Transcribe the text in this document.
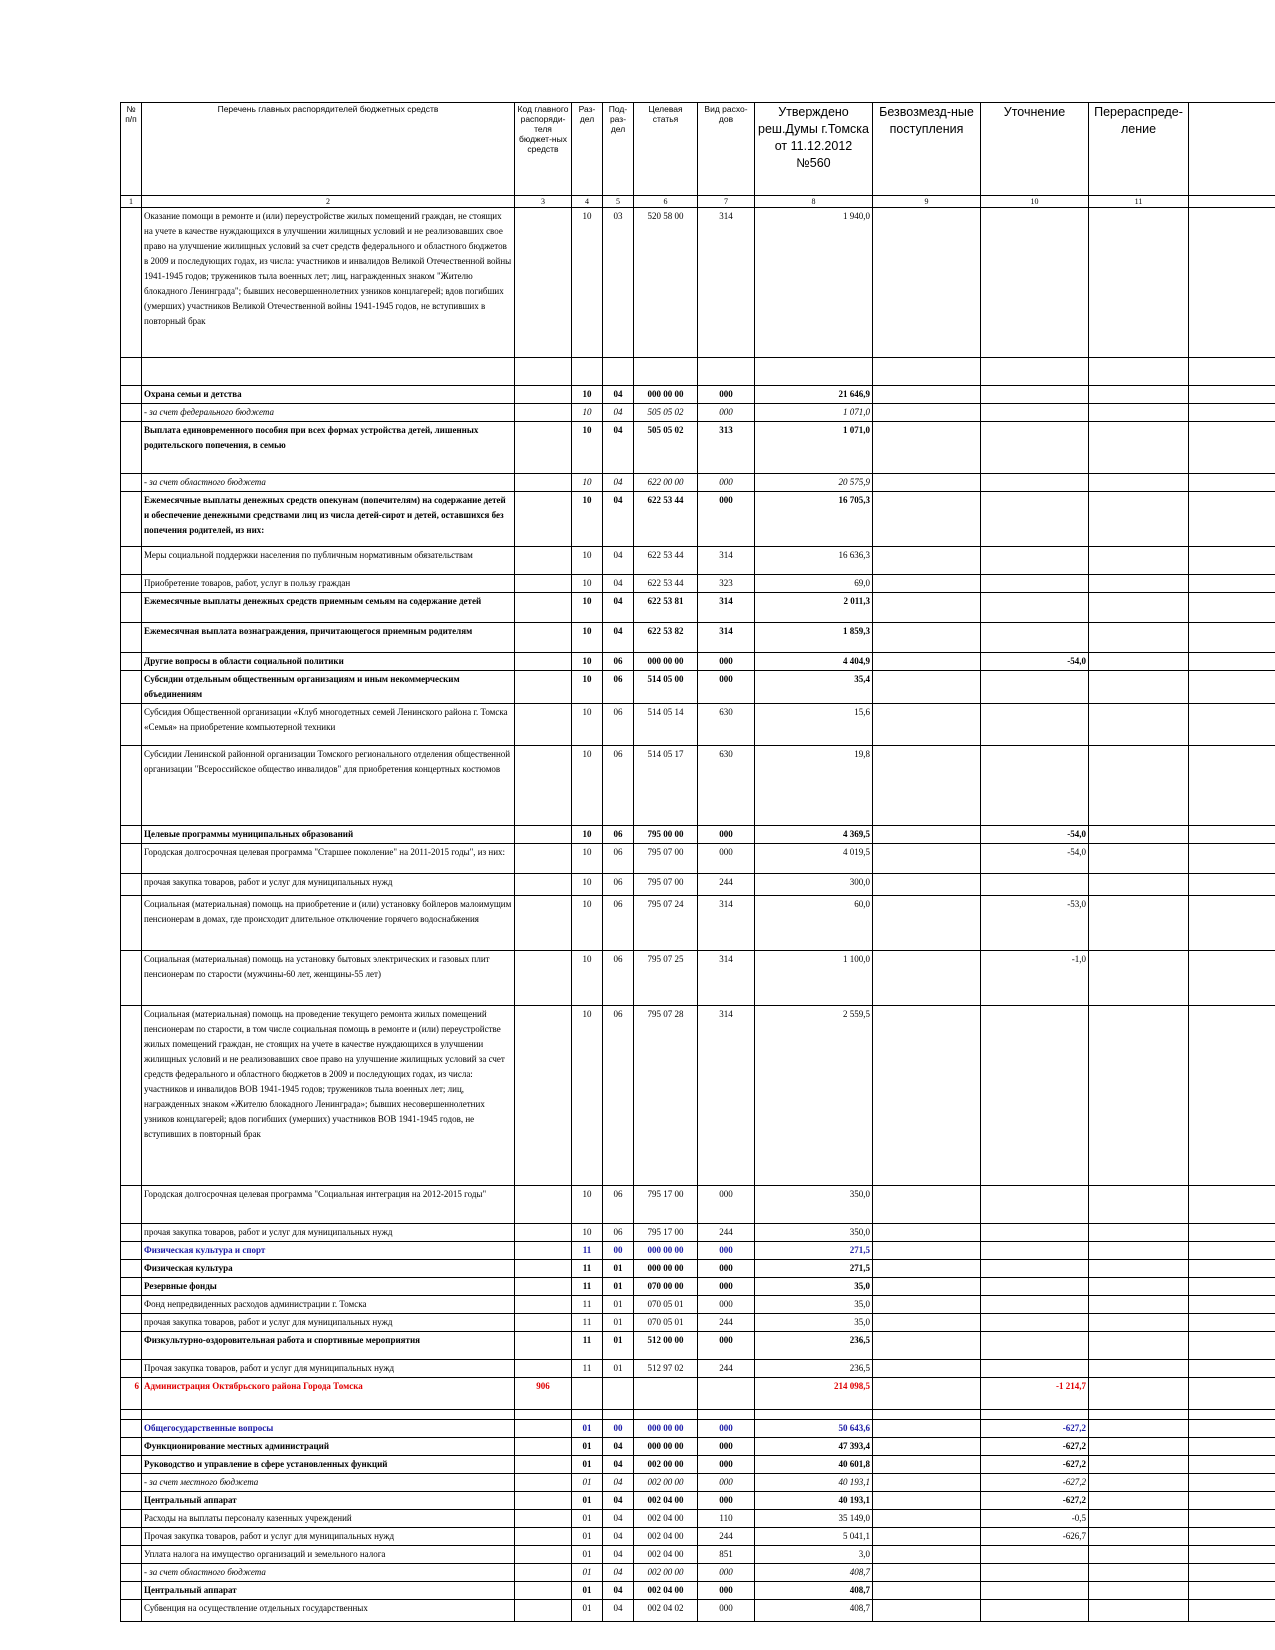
№ п/п	Перечень главных распорядителей бюджетных средств	Код главного распоряди-теля бюджет-ных средств	Раз-дел	Под-раз-дел	Целевая статья	Вид расхо-дов	Утверждено реш.Думы г.Томска от 11.12.2012 №560	Безвозмезд-ные поступления	Уточнение	Перераспреде-ление	
1	2	3	4	5	6	7	8	9	10	11	
	Оказание помощи в ремонте и (или) переустройстве жилых помещений граждан, не стоящих на учете в качестве нуждающихся в улучшении жилищных условий и не реализовавших свое право на улучшение жилищных условий за счет средств федерального и областного бюджетов в 2009 и последующих годах, из числа: участников и инвалидов Великой Отечественной войны 1941-1945 годов; тружеников тыла военных лет; лиц, награжденных знаком "Жителю блокадного Ленинграда"; бывших несовершеннолетних узников концлагерей; вдов погибших (умерших) участников Великой Отечественной войны 1941-1945 годов, не вступивших в повторный брак		10	03	520 58 00	314	1 940,0				

	Охрана семьи и детства		10	04	000 00 00	000	21 646,9				
	- за счет федерального бюджета		10	04	505 05 02	000	1 071,0				
	Выплата единовременного пособия при всех формах устройства детей, лишенных родительского попечения, в семью		10	04	505 05 02	313	1 071,0				
	- за счет областного бюджета		10	04	622 00 00	000	20 575,9				
	Ежемесячные выплаты денежных средств опекунам (попечителям) на содержание детей и обеспечение денежными средствами лиц из числа детей-сирот и детей, оставшихся без попечения родителей, из них:		10	04	622 53 44	000	16 705,3				
	Меры социальной поддержки населения по публичным нормативным обязательствам		10	04	622 53 44	314	16 636,3				
	Приобретение товаров, работ, услуг в пользу граждан		10	04	622 53 44	323	69,0				
	Ежемесячные выплаты денежных средств приемным семьям на содержание детей		10	04	622 53 81	314	2 011,3				
	Ежемесячная выплата вознаграждения, причитающегося приемным родителям		10	04	622 53 82	314	1 859,3				
	Другие вопросы в области социальной политики		10	06	000 00 00	000	4 404,9		-54,0		
	Субсидии отдельным общественным организациям и иным некоммерческим объединениям		10	06	514 05 00	000	35,4				
	Субсидия Общественной организации «Клуб многодетных семей Ленинского района г. Томска «Семья» на приобретение компьютерной техники		10	06	514 05 14	630	15,6				
	Субсидии Ленинской районной организации Томского регионального отделения общественной организации "Всероссийское общество инвалидов" для приобретения концертных костюмов		10	06	514 05 17	630	19,8				
	Целевые программы муниципальных образований		10	06	795 00 00	000	4 369,5		-54,0		
	Городская долгосрочная целевая программа "Старшее поколение" на 2011-2015 годы", из них:		10	06	795 07 00	000	4 019,5		-54,0		
	прочая закупка товаров, работ и услуг для муниципальных нужд		10	06	795 07 00	244	300,0				
	Социальная (материальная) помощь на приобретение и (или) установку бойлеров малоимущим пенсионерам в домах, где происходит длительное отключение горячего водоснабжения		10	06	795 07 24	314	60,0		-53,0		
	Социальная (материальная) помощь на установку бытовых электрических и газовых плит пенсионерам по старости (мужчины-60 лет, женщины-55 лет)		10	06	795 07 25	314	1 100,0		-1,0		
	Социальная (материальная) помощь на проведение текущего ремонта жилых помещений пенсионерам по старости, в том числе социальная помощь в ремонте и (или) переустройстве жилых помещений граждан, не стоящих на учете в качестве нуждающихся в улучшении жилищных условий и не реализовавших свое право на улучшение жилищных условий за счет средств федерального и областного бюджетов в 2009 и последующих годах, из числа: участников и инвалидов ВОВ 1941-1945 годов; тружеников тыла военных лет; лиц, награжденных знаком «Жителю блокадного Ленинграда»; бывших несовершеннолетних узников концлагерей; вдов погибших (умерших) участников ВОВ 1941-1945 годов, не вступивших в повторный брак		10	06	795 07 28	314	2 559,5				
	Городская долгосрочная целевая программа "Социальная интеграция на 2012-2015 годы"		10	06	795 17 00	000	350,0				
	прочая закупка товаров, работ и услуг для муниципальных нужд		10	06	795 17 00	244	350,0				
	Физическая культура и спорт		11	00	000 00 00	000	271,5				
	Физическая культура		11	01	000 00 00	000	271,5				
	Резервные фонды		11	01	070 00 00	000	35,0				
	Фонд непредвиденных расходов администрации г. Томска		11	01	070 05 01	000	35,0				
	прочая закупка товаров, работ и услуг для муниципальных нужд		11	01	070 05 01	244	35,0				
	Физкультурно-оздоровительная работа и спортивные мероприятия		11	01	512 00 00	000	236,5				
	Прочая закупка товаров, работ и услуг для муниципальных нужд		11	01	512 97 02	244	236,5				
6	Администрация Октябрьского района Города Томска	906					214 098,5		-1 214,7		

	Общегосударственные вопросы		01	00	000 00 00	000	50 643,6		-627,2		
	Функционирование местных администраций		01	04	000 00 00	000	47 393,4		-627,2		
	Руководство и управление в сфере установленных функций		01	04	002 00 00	000	40 601,8		-627,2		
	- за счет местного бюджета		01	04	002 00 00	000	40 193,1		-627,2		
	Центральный аппарат		01	04	002 04 00	000	40 193,1		-627,2		
	Расходы на выплаты персоналу казенных учреждений		01	04	002 04 00	110	35 149,0		-0,5		
	Прочая закупка товаров, работ и услуг для муниципальных нужд		01	04	002 04 00	244	5 041,1		-626,7		
	Уплата налога на имущество организаций и земельного налога		01	04	002 04 00	851	3,0				
	- за счет областного бюджета		01	04	002 00 00	000	408,7				
	Центральный аппарат		01	04	002 04 00	000	408,7				
	Субвенция на осуществление отдельных государственных		01	04	002 04 02	000	408,7				
